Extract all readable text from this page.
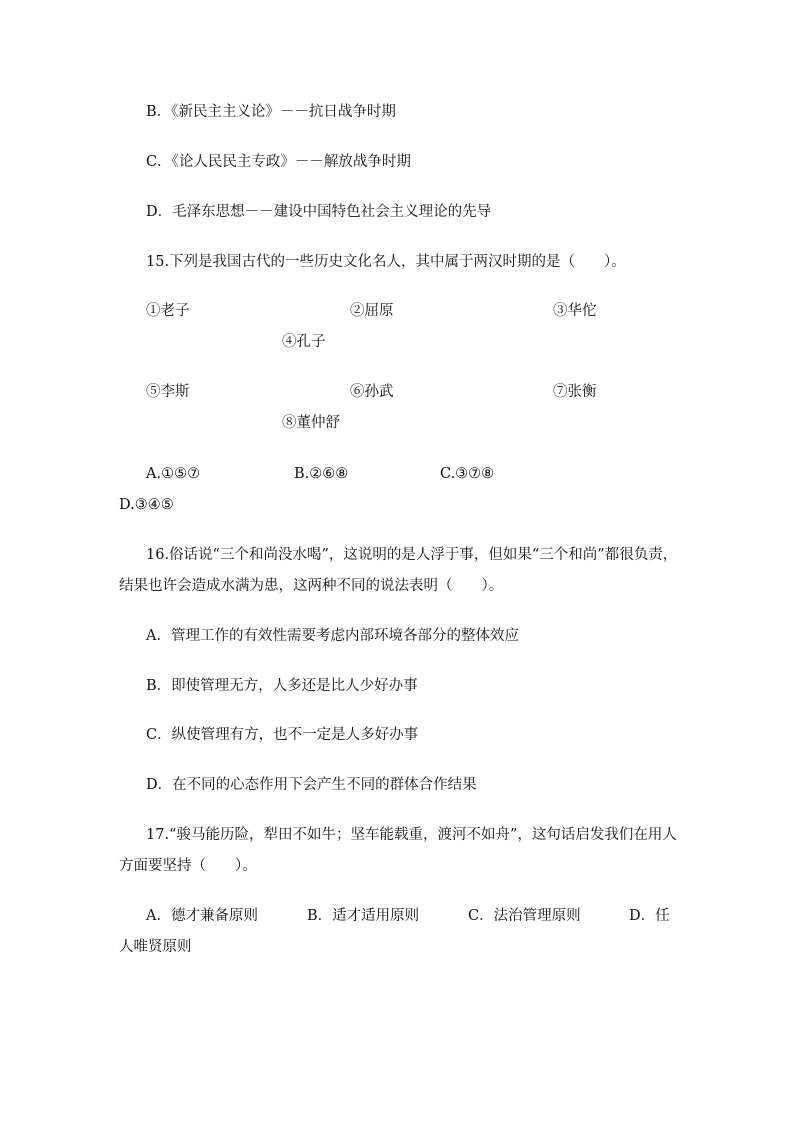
B．《新民主主义论》－－抗日战争时期
C．《论人民民主专政》－－解放战争时期
D．毛泽东思想－－建设中国特色社会主义理论的先导
15.下列是我国古代的一些历史文化名人，其中属于两汉时期的是（　　）。
①老子	②屈原	③华佗
④孔子
⑤李斯	⑥孙武	⑦张衡
⑧董仲舒
A.①⑤⑦	B.②⑥⑧	C.③⑦⑧
D.③④⑤
16.俗话说“三个和尚没水喝”，这说明的是人浮于事，但如果“三个和尚”都很负责，
结果也许会造成水满为患，这两种不同的说法表明（　　）。
A．管理工作的有效性需要考虑内部环境各部分的整体效应
B．即使管理无方，人多还是比人少好办事
C．纵使管理有方，也不一定是人多好办事
D．在不同的心态作用下会产生不同的群体合作结果
17.“骏马能历险，犁田不如牛；坚车能载重，渡河不如舟”，这句话启发我们在用人
方面要坚持（　　）。
A．德才兼备原则	B．适才适用原则	C．法治管理原则	D．任
人唯贤原则
